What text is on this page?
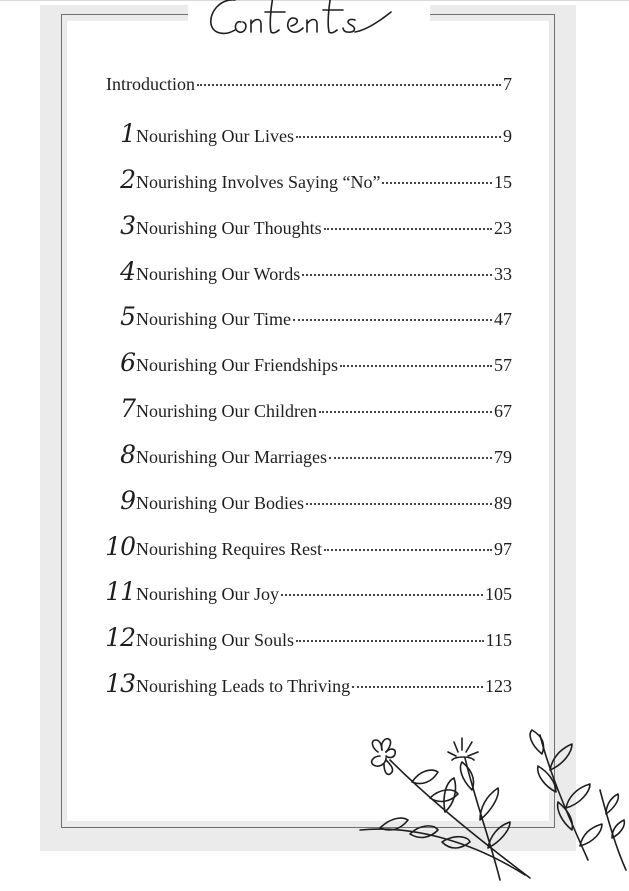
Introduction	7
1 Nourishing Our Lives	9
2 Nourishing Involves Saying “No”	15
3 Nourishing Our Thoughts	23
4 Nourishing Our Words	33
5 Nourishing Our Time	47
6 Nourishing Our Friendships	57
7 Nourishing Our Children	67
8 Nourishing Our Marriages	79
9 Nourishing Our Bodies	89
10 Nourishing Requires Rest	97
11 Nourishing Our Joy	105
12 Nourishing Our Souls	115
13 Nourishing Leads to Thriving	123
